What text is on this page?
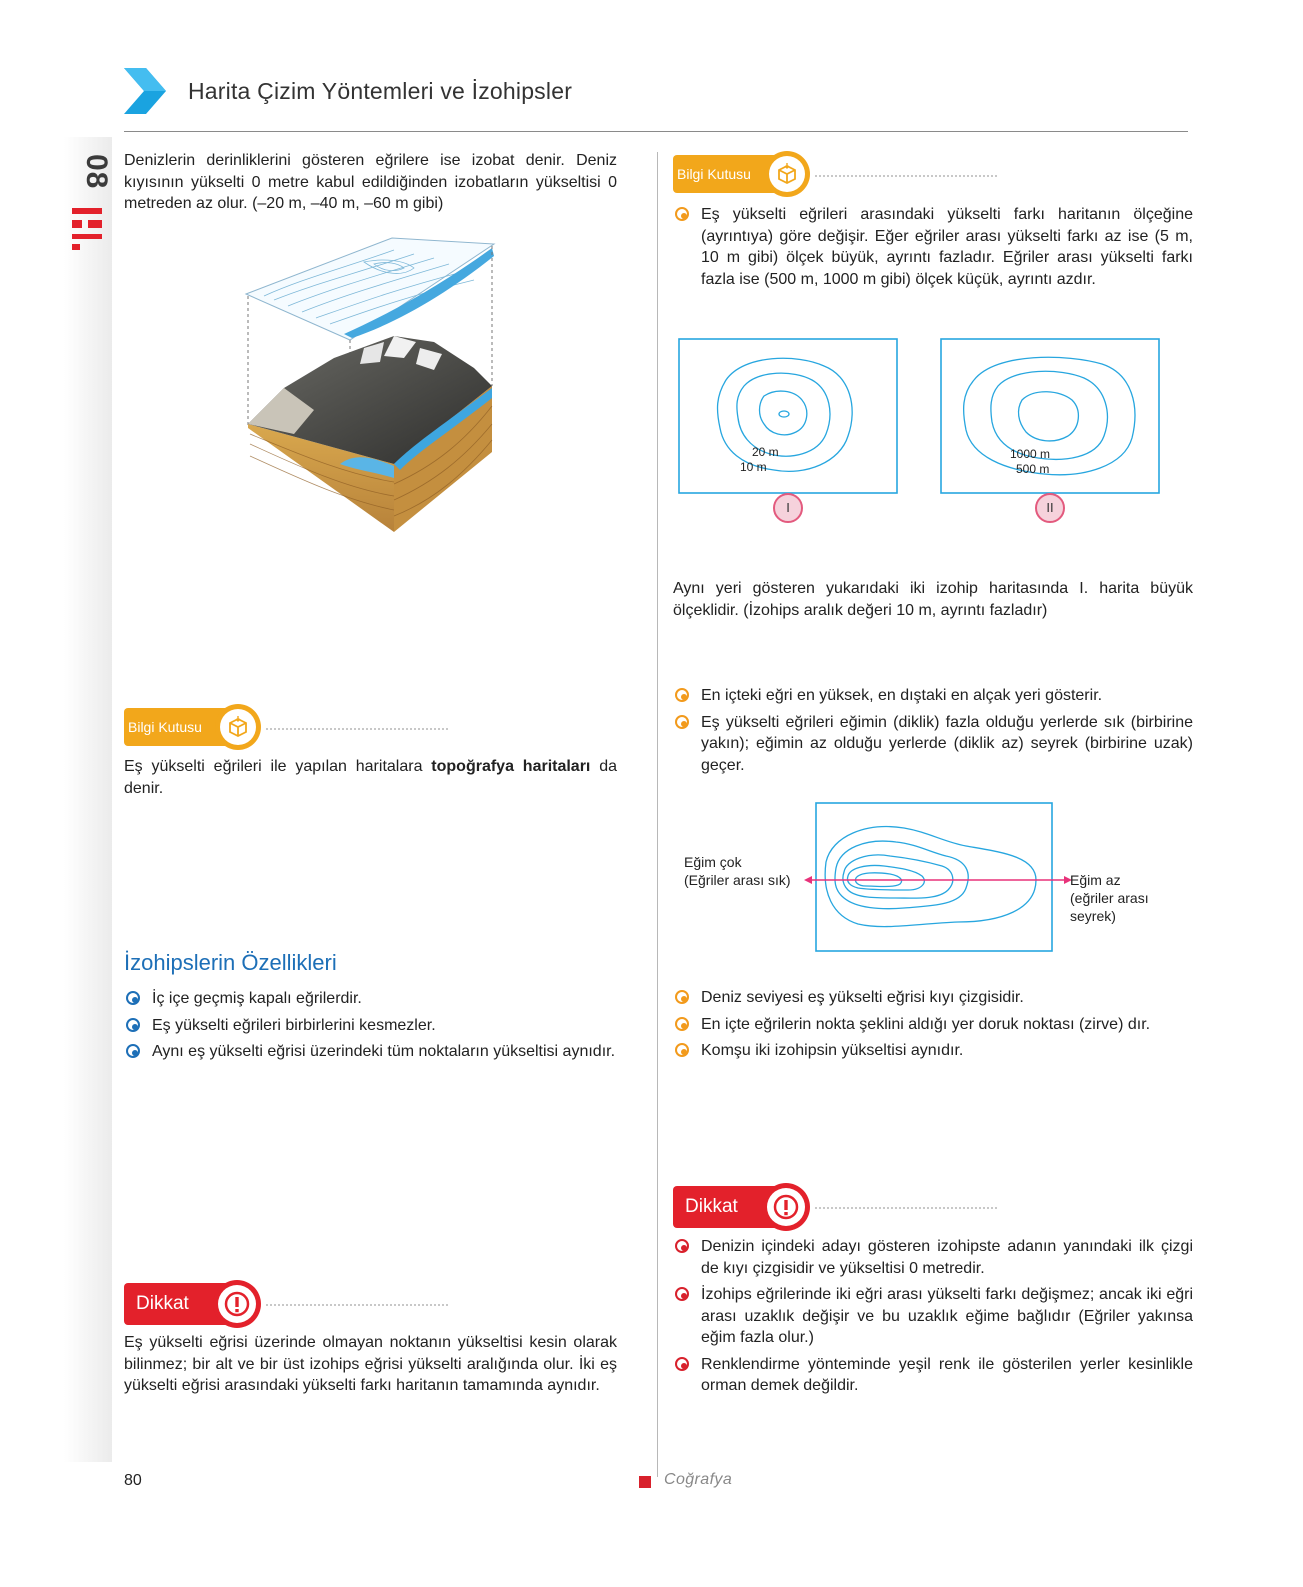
Harita Çizim Yöntemleri ve İzohipsler
08 Denizlerin derinliklerini gösteren eğrilere ise izobat denir. Deniz kıyısının yükselti 0 metre kabul edildiğinden izobatların yükseltisi 0 metreden az olur. (–20 m, –40 m, –60 m gibi)
Bilgi Kutusu
Eş yükselti eğrileri ile yapılan haritalara topoğrafya haritaları da denir.
İzohipslerin Özellikleri
İç içe geçmiş kapalı eğrilerdir.
Eş yükselti eğrileri birbirlerini kesmezler.
Aynı eş yükselti eğrisi üzerindeki tüm noktaların yükseltisi aynıdır.
Dikkat
Eş yükselti eğrisi üzerinde olmayan noktanın yükseltisi kesin olarak bilinmez; bir alt ve bir üst izohips eğrisi yükselti aralığında olur. İki eş yükselti eğrisi arasındaki yükselti farkı haritanın tamamında aynıdır.
Bilgi Kutusu
Eş yükselti eğrileri arasındaki yükselti farkı haritanın ölçeğine (ayrıntıya) göre değişir. Eğer eğriler arası yükselti farkı az ise (5 m, 10 m gibi) ölçek büyük, ayrıntı fazladır. Eğriler arası yükselti farkı fazla ise (500 m, 1000 m gibi) ölçek küçük, ayrıntı azdır.
20 m
10 m
I
1000 m
500 m
II
Aynı yeri gösteren yukarıdaki iki izohip haritasında I. harita büyük ölçeklidir. (İzohips aralık değeri 10 m, ayrıntı fazladır)
En içteki eğri en yüksek, en dıştaki en alçak yeri gösterir.
Eş yükselti eğrileri eğimin (diklik) fazla olduğu yerlerde sık (birbirine yakın); eğimin az olduğu yerlerde (diklik az) seyrek (birbirine uzak) geçer.
Eğim çok
(Eğriler arası sık)	Eğim az
(eğriler arası
seyrek)
Deniz seviyesi eş yükselti eğrisi kıyı çizgisidir.
En içte eğrilerin nokta şeklini aldığı yer doruk noktası (zirve) dır.
Komşu iki izohipsin yükseltisi aynıdır.
Dikkat
Denizin içindeki adayı gösteren izohipste adanın yanındaki ilk çizgi de kıyı çizgisidir ve yükseltisi 0 metredir.
İzohips eğrilerinde iki eğri arası yükselti farkı değişmez; ancak iki eğri arası uzaklık değişir ve bu uzaklık eğime bağlıdır (Eğriler yakınsa eğim fazla olur.)
Renklendirme yönteminde yeşil renk ile gösterilen yerler kesinlikle orman demek değildir.
80	Coğrafya
